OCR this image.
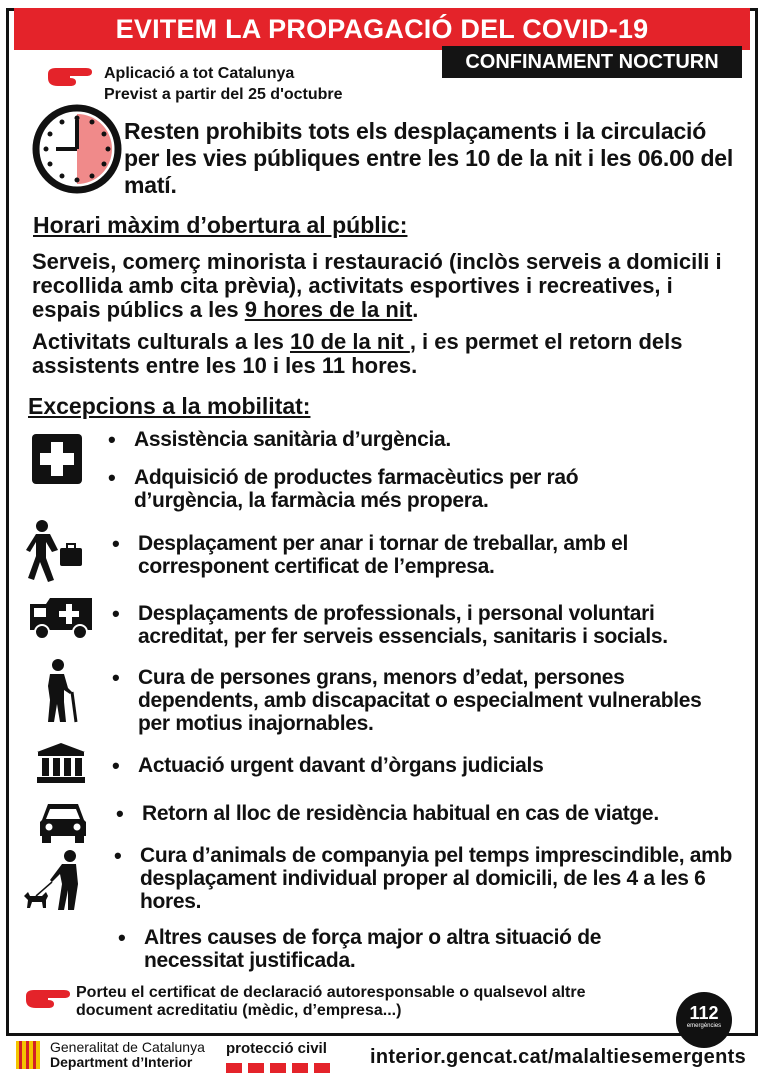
EVITEM LA PROPAGACIÓ DEL COVID-19
CONFINAMENT NOCTURN
Aplicació a tot Catalunya
Previst a partir del 25 d'octubre
Resten prohibits tots els desplaçaments i la circulació per les vies públiques entre les 10 de la nit i les 06.00 del matí.
Horari màxim d’obertura al públic:
Serveis, comerç minorista i restauració (inclòs serveis a domicili i recollida amb cita prèvia), activitats esportives i recreatives, i espais públics a les 9 hores de la nit.
Activitats culturals a les 10 de la nit , i es permet el retorn dels assistents entre les 10 i les 11 hores.
Excepcions a la mobilitat:
• Assistència sanitària d’urgència.
• Adquisició de productes farmacèutics per raó d’urgència, la farmàcia més propera.
• Desplaçament per anar i tornar de treballar, amb el corresponent certificat de l’empresa.
• Desplaçaments de professionals, i personal voluntari acreditat, per fer serveis essencials, sanitaris i socials.
• Cura de persones grans, menors d’edat, persones dependents, amb discapacitat o especialment vulnerables per motius inajornables.
• Actuació urgent davant d’òrgans judicials
• Retorn al lloc de residència habitual en cas de viatge.
• Cura d’animals de companyia pel temps imprescindible, amb desplaçament individual proper al domicili, de les 4 a les 6 hores.
• Altres causes de força major o altra situació de necessitat justificada.
Porteu el certificat de declaració autoresponsable o qualsevol altre document acreditatiu (mèdic, d’empresa...)	112
emergències
Generalitat de Catalunya
Department d’Interior
protecció civil interior.gencat.cat/malaltiesemergents
